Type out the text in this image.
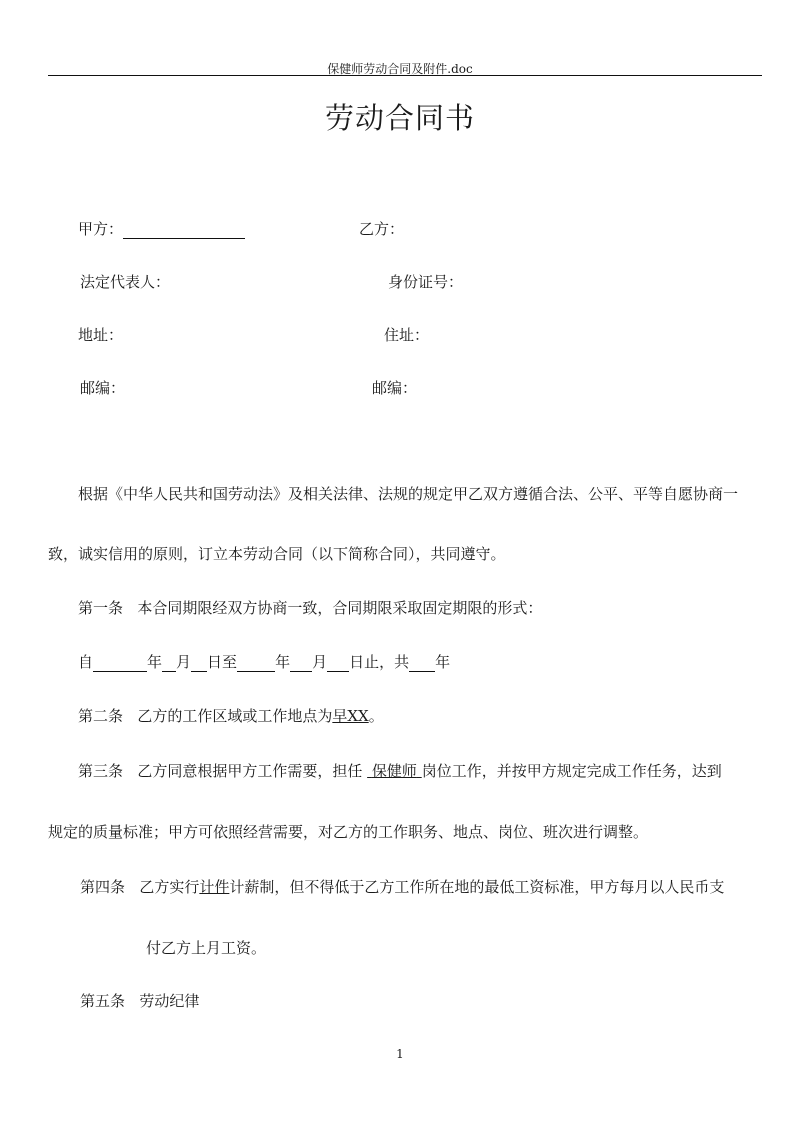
保健师劳动合同及附件.doc
劳动合同书
甲方：	乙方：
法定代表人：	身份证号：
地址：	住址：
邮编：	邮编：
根据《中华人民共和国劳动法》及相关法律、法规的规定甲乙双方遵循合法、公平、平等自愿协商一
致，诚实信用的原则，订立本劳动合同（以下简称合同），共同遵守。
第一条 本合同期限经双方协商一致，合同期限采取固定期限的形式：
自	年 月 日至	年 月 日止，共 年
第二条 乙方的工作区域或工作地点为早XX。
第三条 乙方同意根据甲方工作需要，担任 保健师 岗位工作，并按甲方规定完成工作任务，达到
规定的质量标准；甲方可依照经营需要，对乙方的工作职务、地点、岗位、班次进行调整。
第四条 乙方实行计件计薪制，但不得低于乙方工作所在地的最低工资标准，甲方每月以人民币支
付乙方上月工资。
第五条 劳动纪律
1
